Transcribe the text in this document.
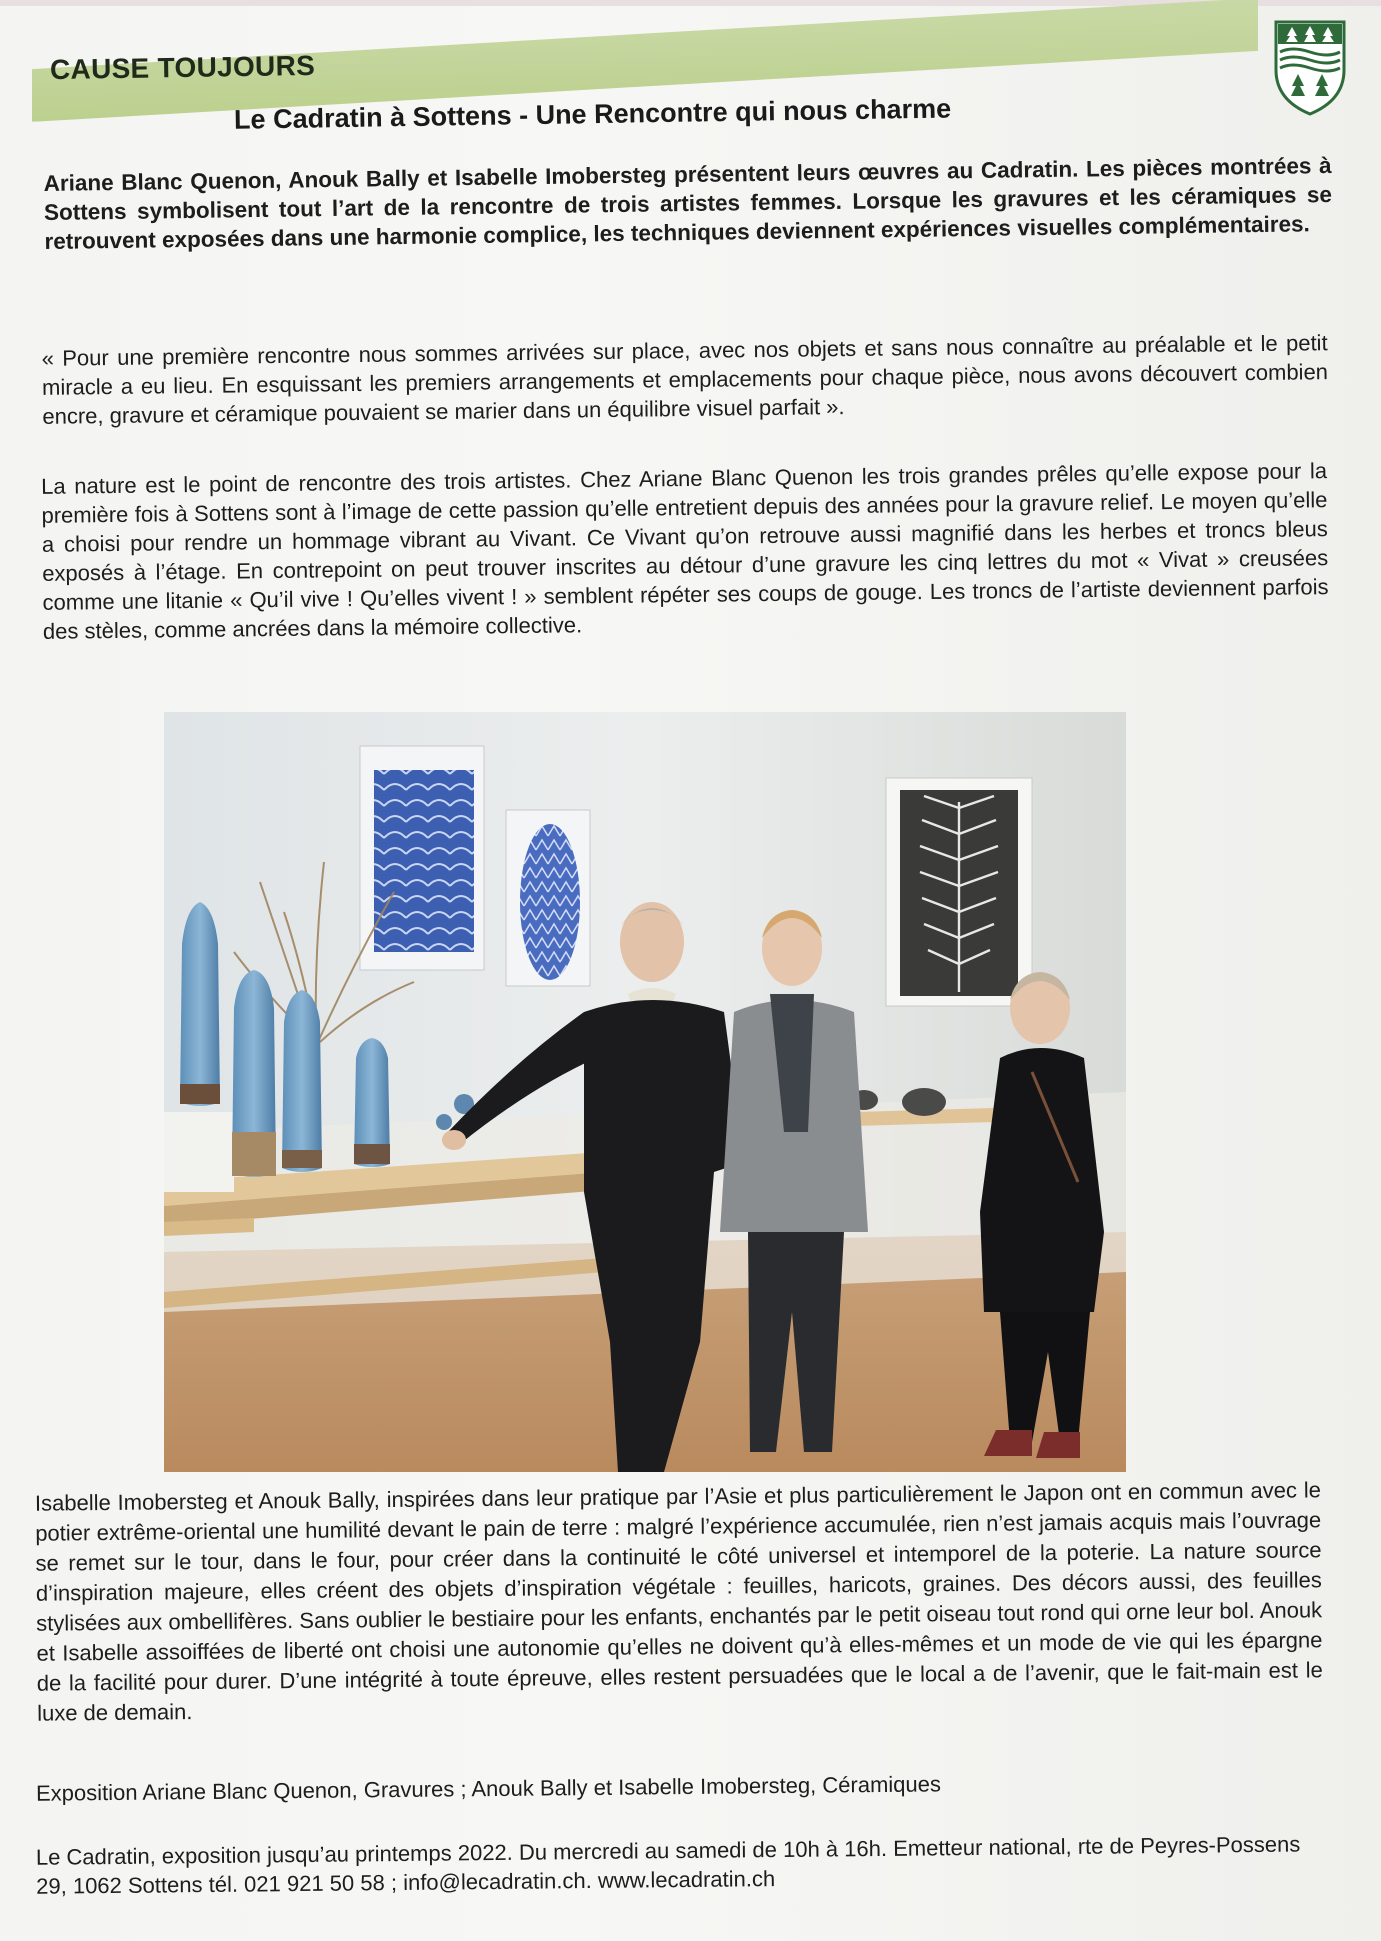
CAUSE TOUJOURS
Le Cadratin à Sottens - Une Rencontre qui nous charme
Ariane Blanc Quenon, Anouk Bally et Isabelle Imobersteg présentent leurs œuvres au Cadratin. Les pièces montrées à Sottens symbolisent tout l’art de la rencontre de trois artistes femmes. Lorsque les gravures et les céramiques se retrouvent exposées dans une harmonie complice, les techniques deviennent expériences visuelles complémentaires.
« Pour une première rencontre nous sommes arrivées sur place, avec nos objets et sans nous connaître au préalable et le petit miracle a eu lieu. En esquissant les premiers arrangements et emplacements pour chaque pièce, nous avons découvert combien encre, gravure et céramique pouvaient se marier dans un équilibre visuel parfait ».
La nature est le point de rencontre des trois artistes. Chez Ariane Blanc Quenon les trois grandes prêles qu’elle expose pour la première fois à Sottens sont à l’image de cette passion qu’elle entretient depuis des années pour la gravure relief. Le moyen qu’elle a choisi pour rendre un hommage vibrant au Vivant. Ce Vivant qu’on retrouve aussi magnifié dans les herbes et troncs bleus exposés à l’étage. En contrepoint on peut trouver inscrites au détour d’une gravure les cinq lettres du mot « Vivat » creusées comme une litanie « Qu’il vive ! Qu’elles vivent ! » semblent répéter ses coups de gouge. Les troncs de l’artiste deviennent parfois des stèles, comme ancrées dans la mémoire collective.
Isabelle Imobersteg et Anouk Bally, inspirées dans leur pratique par l’Asie et plus particulièrement le Japon ont en commun avec le potier extrême-oriental une humilité devant le pain de terre : malgré l’expérience accumulée, rien n’est jamais acquis mais l’ouvrage se remet sur le tour, dans le four, pour créer dans la continuité le côté universel et intemporel de la poterie. La nature source d’inspiration majeure, elles créent des objets d’inspiration végétale : feuilles, haricots, graines. Des décors aussi, des feuilles stylisées aux ombellifères. Sans oublier le bestiaire pour les enfants, enchantés par le petit oiseau tout rond qui orne leur bol. Anouk et Isabelle assoiffées de liberté ont choisi une autonomie qu’elles ne doivent qu’à elles-mêmes et un mode de vie qui les épargne de la facilité pour durer. D’une intégrité à toute épreuve, elles restent persuadées que le local a de l’avenir, que le fait-main est le luxe de demain.
Exposition Ariane Blanc Quenon, Gravures ; Anouk Bally et Isabelle Imobersteg, Céramiques
Le Cadratin, exposition jusqu’au printemps 2022. Du mercredi au samedi de 10h à 16h. Emetteur national, rte de Peyres-Possens 29, 1062 Sottens tél. 021 921 50 58 ; info@lecadratin.ch. www.lecadratin.ch
